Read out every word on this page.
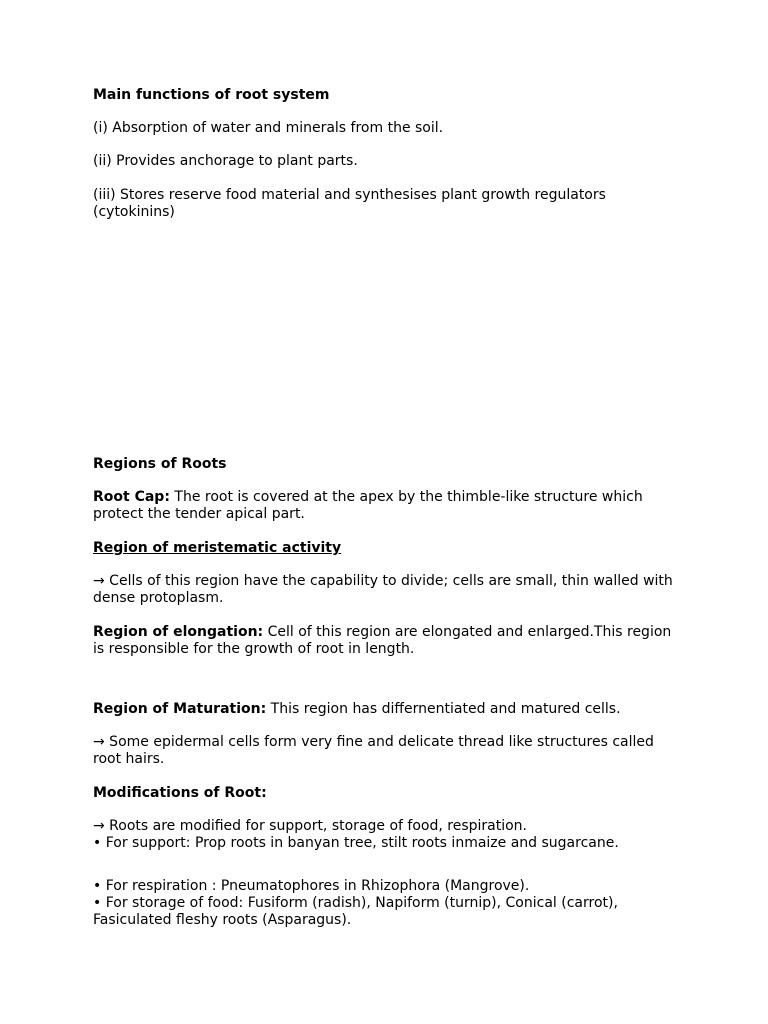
Main functions of root system

(i) Absorption of water and minerals from the soil.

(ii) Provides anchorage to plant parts.

(iii) Stores reserve food material and synthesises plant growth regulators (cytokinins)

Regions of Roots

Root Cap: The root is covered at the apex by the thimble-like structure which protect the tender apical part.

Region of meristematic activity

→ Cells of this region have the capability to divide; cells are small, thin walled with dense protoplasm.

Region of elongation: Cell of this region are elongated and enlarged.This region is responsible for the growth of root in length.

Region of Maturation: This region has differnentiated and matured cells.

→ Some epidermal cells form very fine and delicate thread like structures called root hairs.

Modifications of Root:

→ Roots are modified for support, storage of food, respiration.

• For support: Prop roots in banyan tree, stilt roots inmaize and sugarcane.

• For respiration : Pneumatophores in Rhizophora (Mangrove).

• For storage of food: Fusiform (radish), Napiform (turnip), Conical (carrot), Fasiculated fleshy roots (Asparagus).
